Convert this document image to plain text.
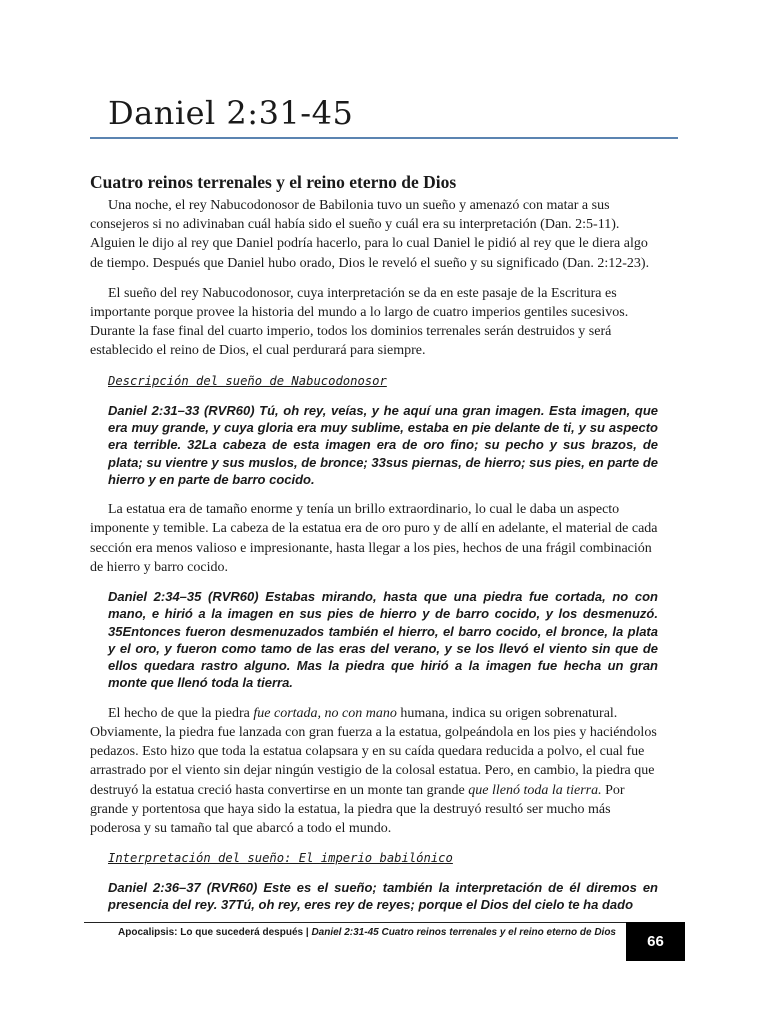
Daniel 2:31-45
Cuatro reinos terrenales y el reino eterno de Dios

Una noche, el rey Nabucodonosor de Babilonia tuvo un sueño y amenazó con matar a sus consejeros si no adivinaban cuál había sido el sueño y cuál era su interpretación (Dan. 2:5-11). Alguien le dijo al rey que Daniel podría hacerlo, para lo cual Daniel le pidió al rey que le diera algo de tiempo. Después que Daniel hubo orado, Dios le reveló el sueño y su significado (Dan. 2:12-23).

El sueño del rey Nabucodonosor, cuya interpretación se da en este pasaje de la Escritura es importante porque provee la historia del mundo a lo largo de cuatro imperios gentiles sucesivos. Durante la fase final del cuarto imperio, todos los dominios terrenales serán destruidos y será establecido el reino de Dios, el cual perdurará para siempre.

Descripción del sueño de Nabucodonosor

Daniel 2:31–33 (RVR60) Tú, oh rey, veías, y he aquí una gran imagen. Esta imagen, que era muy grande, y cuya gloria era muy sublime, estaba en pie delante de ti, y su aspecto era terrible. 32La cabeza de esta imagen era de oro fino; su pecho y sus brazos, de plata; su vientre y sus muslos, de bronce; 33sus piernas, de hierro; sus pies, en parte de hierro y en parte de barro cocido.

La estatua era de tamaño enorme y tenía un brillo extraordinario, lo cual le daba un aspecto imponente y temible. La cabeza de la estatua era de oro puro y de allí en adelante, el material de cada sección era menos valioso e impresionante, hasta llegar a los pies, hechos de una frágil combinación de hierro y barro cocido.

Daniel 2:34–35 (RVR60) Estabas mirando, hasta que una piedra fue cortada, no con mano, e hirió a la imagen en sus pies de hierro y de barro cocido, y los desmenuzó. 35Entonces fueron desmenuzados también el hierro, el barro cocido, el bronce, la plata y el oro, y fueron como tamo de las eras del verano, y se los llevó el viento sin que de ellos quedara rastro alguno. Mas la piedra que hirió a la imagen fue hecha un gran monte que llenó toda la tierra.

El hecho de que la piedra fue cortada, no con mano humana, indica su origen sobrenatural. Obviamente, la piedra fue lanzada con gran fuerza a la estatua, golpeándola en los pies y haciéndolos pedazos. Esto hizo que toda la estatua colapsara y en su caída quedara reducida a polvo, el cual fue arrastrado por el viento sin dejar ningún vestigio de la colosal estatua. Pero, en cambio, la piedra que destruyó la estatua creció hasta convertirse en un monte tan grande que llenó toda la tierra. Por grande y portentosa que haya sido la estatua, la piedra que la destruyó resultó ser mucho más poderosa y su tamaño tal que abarcó a todo el mundo.

Interpretación del sueño: El imperio babilónico

Daniel 2:36–37 (RVR60) Este es el sueño; también la interpretación de él diremos en presencia del rey. 37Tú, oh rey, eres rey de reyes; porque el Dios del cielo te ha dado

Apocalipsis: Lo que sucederá después | Daniel 2:31-45 Cuatro reinos terrenales y el reino eterno de Dios
66
